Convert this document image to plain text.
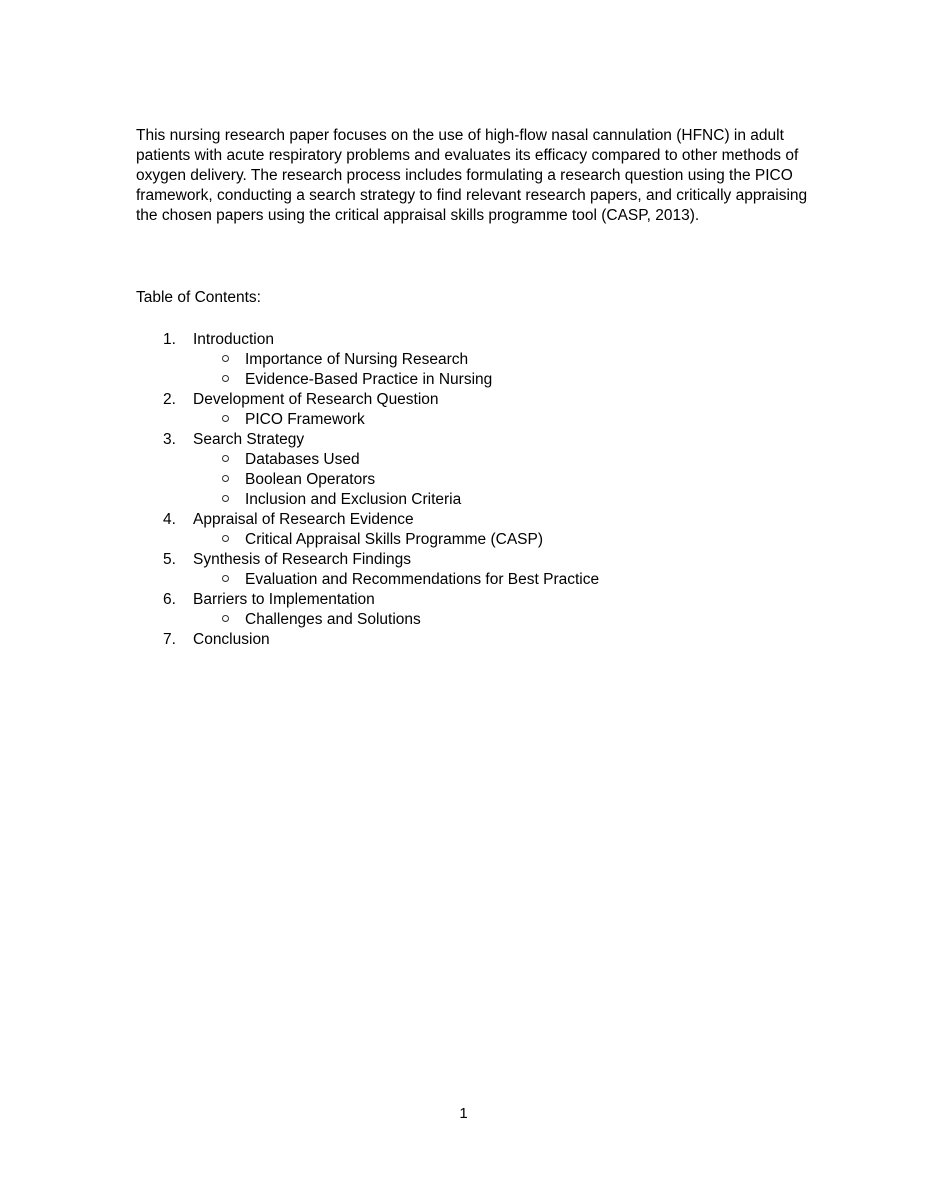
This nursing research paper focuses on the use of high-flow nasal cannulation (HFNC) in adult patients with acute respiratory problems and evaluates its efficacy compared to other methods of oxygen delivery. The research process includes formulating a research question using the PICO framework, conducting a search strategy to find relevant research papers, and critically appraising the chosen papers using the critical appraisal skills programme tool (CASP, 2013).

Table of Contents:
1.	Introduction
Importance of Nursing Research
Evidence-Based Practice in Nursing
2.	Development of Research Question
PICO Framework
3.	Search Strategy
Databases Used
Boolean Operators
Inclusion and Exclusion Criteria
4.	Appraisal of Research Evidence
Critical Appraisal Skills Programme (CASP)
5.	Synthesis of Research Findings
Evaluation and Recommendations for Best Practice
6.	Barriers to Implementation
Challenges and Solutions
7.	Conclusion
1
